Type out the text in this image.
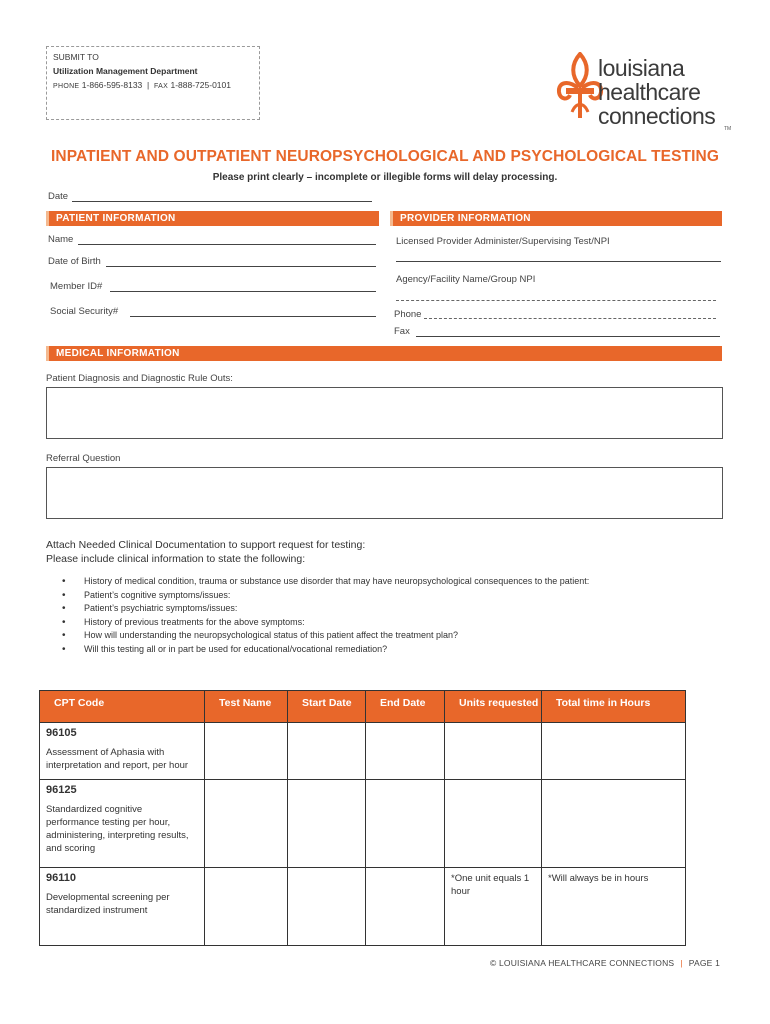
SUBMIT TO
Utilization Management Department
PHONE 1-866-595-8133 | FAX 1-888-725-0101
louisiana
healthcare
connections TM
INPATIENT AND OUTPATIENT NEUROPSYCHOLOGICAL AND PSYCHOLOGICAL TESTING
Please print clearly – incomplete or illegible forms will delay processing.
Date
PATIENT INFORMATION
Name
Date of Birth
Member ID#
Social Security#
PROVIDER INFORMATION
Licensed Provider Administer/Supervising Test/NPI
Agency/Facility Name/Group NPI
Phone
Fax
MEDICAL INFORMATION
Patient Diagnosis and Diagnostic Rule Outs:
Referral Question
Attach Needed Clinical Documentation to support request for testing:
Please include clinical information to state the following:
• History of medical condition, trauma or substance use disorder that may have neuropsychological consequences to the patient:
• Patient’s cognitive symptoms/issues:
• Patient’s psychiatric symptoms/issues:
• History of previous treatments for the above symptoms:
• How will understanding the neuropsychological status of this patient affect the treatment plan?
• Will this testing all or in part be used for educational/vocational remediation?
CPT Code	Test Name	Start Date	End Date	Units requested	Total time in Hours

96105
Assessment of Aphasia with interpretation and report, per hour					

96125
Standardized cognitive performance testing per hour, administering, interpreting results, and scoring					

96110
Developmental screening per standardized instrument				*One unit equals 1 hour	*Will always be in hours
© LOUISIANA HEALTHCARE CONNECTIONS | PAGE 1
